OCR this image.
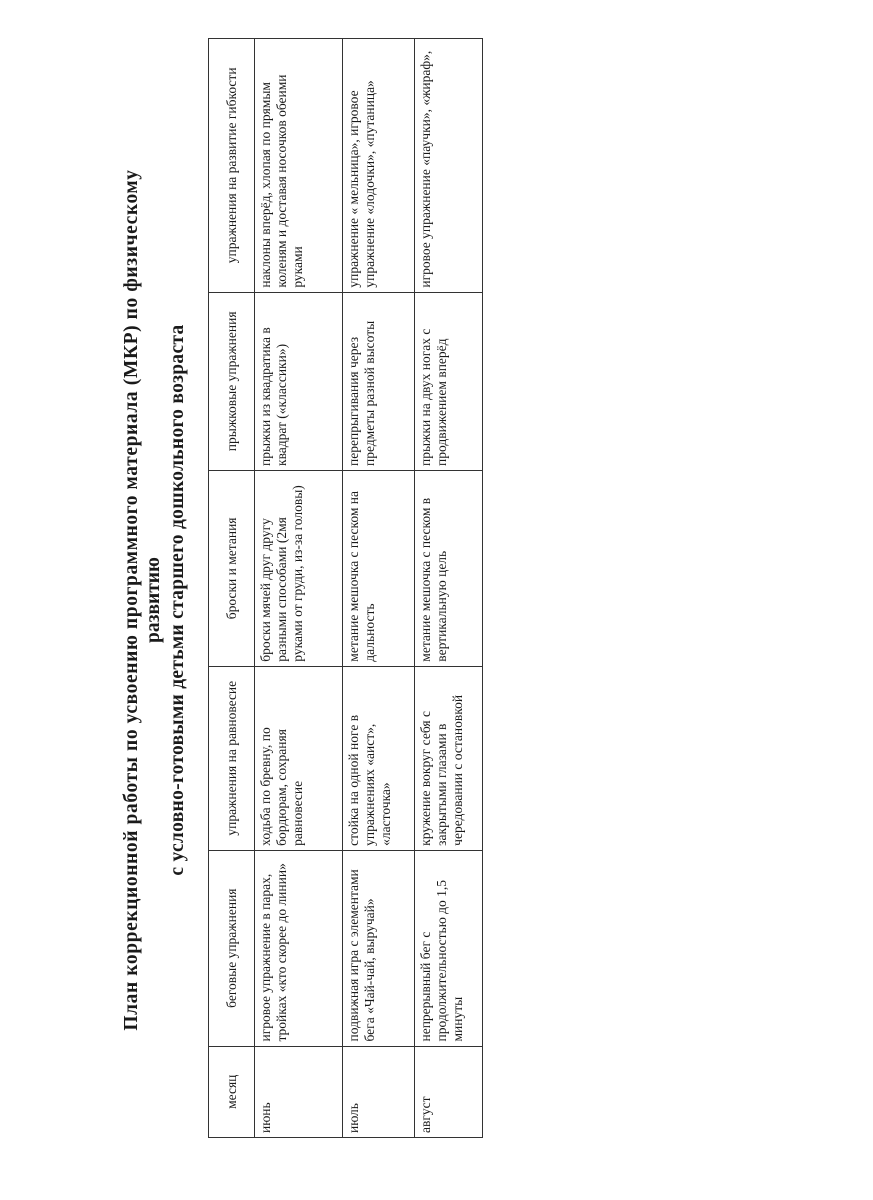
План коррекционной работы по усвоению программного материала (МКР) по физическому развитию с условно-готовыми детьми старшего дошкольного возраста
месяц	беговые упражнения	упражнения на равновесие	броски и метания	прыжковые упражнения	упражнения на развитие гибкости
июнь	игровое упражнение в парах, тройках «кто скорее до линии»	ходьба по бревну, по бордюрам, сохраняя равновесие	броски мячей друг другу разными способами (2мя руками от груди, из-за головы)	прыжки из квадратика в квадрат («классики»)	наклоны вперёд, хлопая по прямым коленям и доставая носочков обеими руками
июль	подвижная игра с элементами бега «Чай-чай, выручай»	стойка на одной ноге в упражнениях «аист», «ласточка»	метание мешочка с песком на дальность	перепрыгивания через предметы разной высоты	упражнение « мельница», игровое упражнение «лодочки», «путаница»
август	непрерывный бег с продолжительностью до 1,5 минуты	кружение вокруг себя с закрытыми глазами в чередовании с остановкой	метание мешочка с песком в вертикальную цель	прыжки на двух ногах с продвижением вперёд	игровое упражнение «паучки», «жираф»,
